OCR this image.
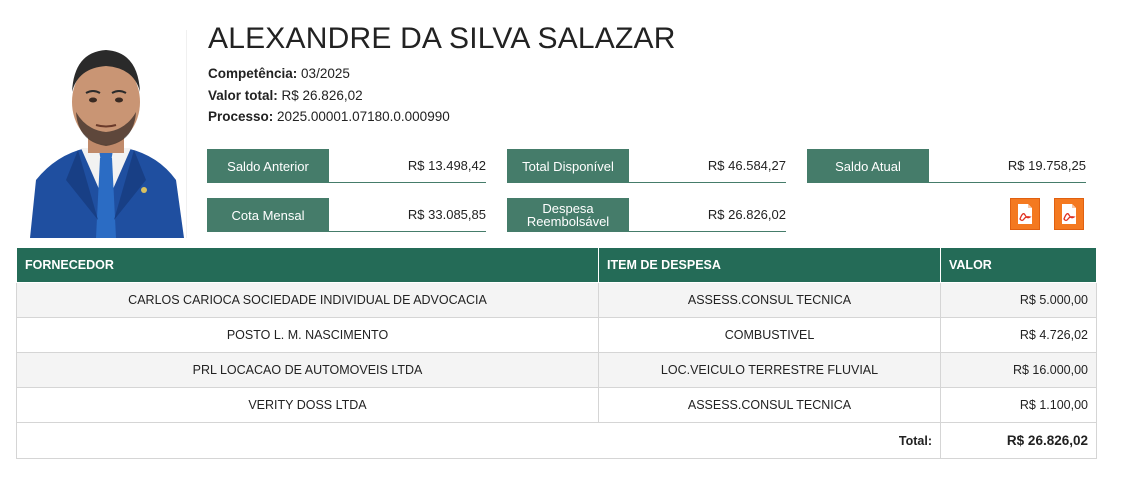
ALEXANDRE DA SILVA SALAZAR
Competência: 03/2025
Valor total: R$ 26.826,02
Processo: 2025.00001.07180.0.000990
Saldo Anterior	R$ 13.498,42	Total Disponível	R$ 46.584,27	Saldo Atual	R$ 19.758,25
Cota Mensal	R$ 33.085,85	Despesa Reembolsável	R$ 26.826,02
FORNECEDOR	ITEM DE DESPESA	VALOR
CARLOS CARIOCA SOCIEDADE INDIVIDUAL DE ADVOCACIA	ASSESS.CONSUL TECNICA	R$ 5.000,00
POSTO L. M. NASCIMENTO	COMBUSTIVEL	R$ 4.726,02
PRL LOCACAO DE AUTOMOVEIS LTDA	LOC.VEICULO TERRESTRE FLUVIAL	R$ 16.000,00
VERITY DOSS LTDA	ASSESS.CONSUL TECNICA	R$ 1.100,00
Total:		R$ 26.826,02
